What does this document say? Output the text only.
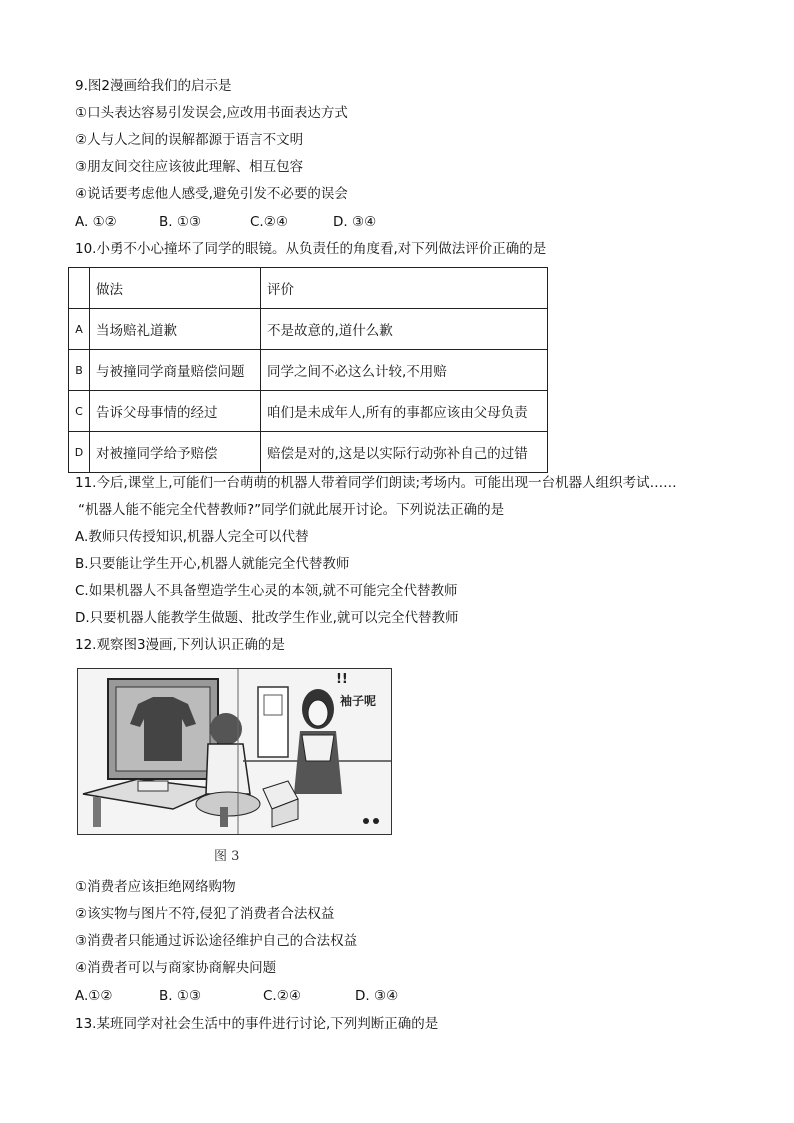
9.图2漫画给我们的启示是
①口头表达容易引发误会,应改用书面表达方式
②人与人之间的误解都源于语言不文明
③朋友间交往应该彼此理解、相互包容
④说话要考虑他人感受,避免引发不必要的误会
A. ①②	B. ①③	C.②④	D. ③④
10.小勇不小心撞坏了同学的眼镜。从负责任的角度看,对下列做法评价正确的是
	做法	评价
A	当场赔礼道歉	不是故意的,道什么歉
B	与被撞同学商量赔偿问题	同学之间不必这么计较,不用赔
C	告诉父母事情的经过	咱们是未成年人,所有的事都应该由父母负责
D	对被撞同学给予赔偿	赔偿是对的,这是以实际行动弥补自己的过错
11.今后,课堂上,可能们一台萌萌的机器人带着同学们朗读;考场内。可能出现一台机器人组织考试……
“机器人能不能完全代替教师?”同学们就此展开讨论。下列说法正确的是
A.教师只传授知识,机器人完全可以代替
B.只要能让学生开心,机器人就能完全代替教师
C.如果机器人不具备塑造学生心灵的本领,就不可能完全代替教师
D.只要机器人能教学生做题、批改学生作业,就可以完全代替教师
12.观察图3漫画,下列认识正确的是
!!
袖子呢
图 3
①消费者应该拒绝网络购物
②该实物与图片不符,侵犯了消费者合法权益
③消费者只能通过诉讼途径维护自己的合法权益
④消费者可以与商家协商解央问题
A.①②	B. ①③	C.②④	D. ③④
13.某班同学对社会生活中的事件进行讨论,下列判断正确的是
